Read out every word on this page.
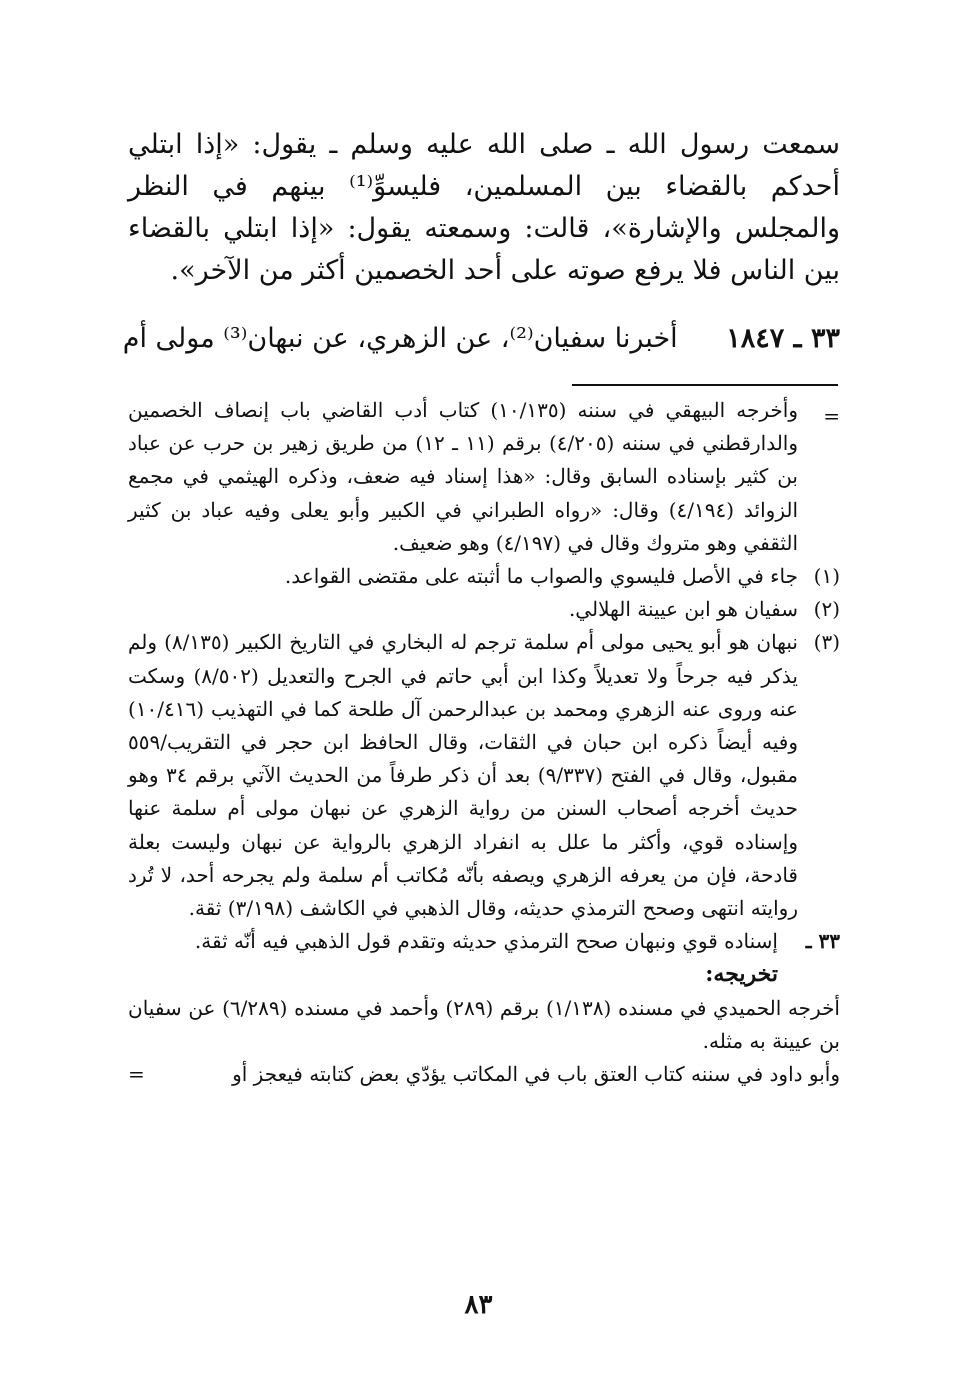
سمعت رسول الله ـ صلى الله عليه وسلم ـ يقول: «إذا ابتلي أحدكم بالقضاء بين المسلمين، فليسوِّ⁽¹⁾ بينهم في النظر والمجلس والإشارة»، قالت: وسمعته يقول: «إذا ابتلي بالقضاء بين الناس فلا يرفع صوته على أحد الخصمين أكثر من الآخر».

٣٣ ـ ١٨٤٧ أخبرنا سفيان⁽²⁾، عن الزهري، عن نبهان⁽³⁾ مولى أم
=
وأخرجه البيهقي في سننه (١٠/١٣٥) كتاب أدب القاضي باب إنصاف الخصمين والدارقطني في سننه (٤/٢٠٥) برقم (١١ ـ ١٢) من طريق زهير بن حرب عن عباد بن كثير بإسناده السابق وقال: «هذا إسناد فيه ضعف، وذكره الهيثمي في مجمع الزوائد (٤/١٩٤) وقال: «رواه الطبراني في الكبير وأبو يعلى وفيه عباد بن كثير الثقفي وهو متروك وقال في (٤/١٩٧) وهو ضعيف.
(١)
جاء في الأصل فليسوي والصواب ما أثبته على مقتضى القواعد.
(٢)
سفيان هو ابن عيينة الهلالي.
(٣)
نبهان هو أبو يحيى مولى أم سلمة ترجم له البخاري في التاريخ الكبير (٨/١٣٥) ولم يذكر فيه جرحاً ولا تعديلاً وكذا ابن أبي حاتم في الجرح والتعديل (٨/٥٠٢) وسكت عنه وروى عنه الزهري ومحمد بن عبدالرحمن آل طلحة كما في التهذيب (١٠/٤١٦) وفيه أيضاً ذكره ابن حبان في الثقات، وقال الحافظ ابن حجر في التقريب/٥٥٩ مقبول، وقال في الفتح (٩/٣٣٧) بعد أن ذكر طرفاً من الحديث الآتي برقم ٣٤ وهو حديث أخرجه أصحاب السنن من رواية الزهري عن نبهان مولى أم سلمة عنها وإسناده قوي، وأكثر ما علل به انفراد الزهري بالرواية عن نبهان وليست بعلة قادحة، فإن من يعرفه الزهري ويصفه بأنّه مُكاتب أم سلمة ولم يجرحه أحد، لا تُرد روايته انتهى وصحح الترمذي حديثه، وقال الذهبي في الكاشف (٣/١٩٨) ثقة.
٣٣ ـ
إسناده قوي ونبهان صحح الترمذي حديثه وتقدم قول الذهبي فيه أنّه ثقة.
تخريجه:
أخرجه الحميدي في مسنده (١/١٣٨) برقم (٢٨٩) وأحمد في مسنده (٦/٢٨٩) عن سفيان بن عيينة به مثله.
وأبو داود في سننه كتاب العتق باب في المكاتب يؤدّي بعض كتابته فيعجز أو
=
٨٣
